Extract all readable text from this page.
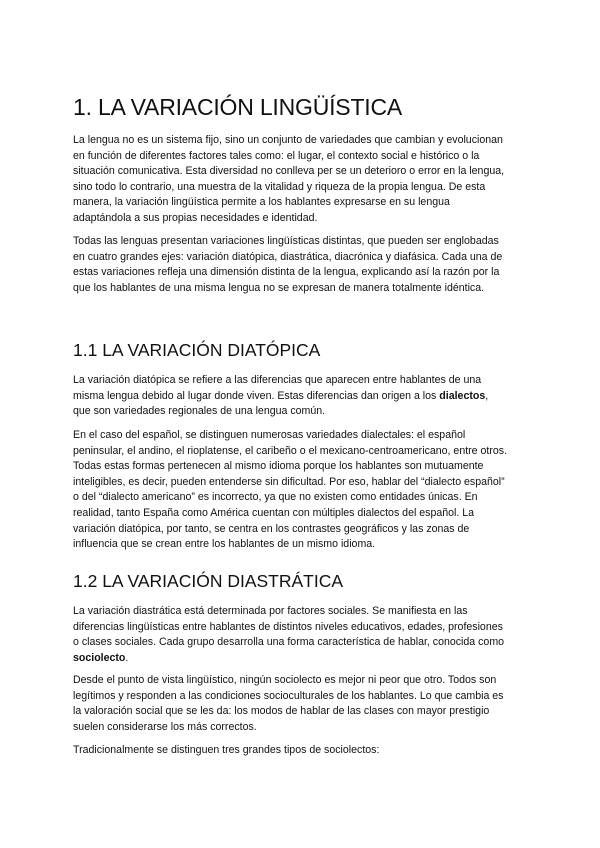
1. LA VARIACIÓN LINGÜÍSTICA

La lengua no es un sistema fijo, sino un conjunto de variedades que cambian y evolucionan
en función de diferentes factores tales como: el lugar, el contexto social e histórico o la
situación comunicativa. Esta diversidad no conlleva per se un deterioro o error en la lengua,
sino todo lo contrario, una muestra de la vitalidad y riqueza de la propia lengua. De esta
manera, la variación lingüística permite a los hablantes expresarse en su lengua
adaptándola a sus propias necesidades e identidad.

Todas las lenguas presentan variaciones lingüísticas distintas, que pueden ser englobadas
en cuatro grandes ejes: variación diatópica, diastrática, diacrónica y diafásica. Cada una de
estas variaciones refleja una dimensión distinta de la lengua, explicando así la razón por la
que los hablantes de una misma lengua no se expresan de manera totalmente idéntica.

1.1 LA VARIACIÓN DIATÓPICA

La variación diatópica se refiere a las diferencias que aparecen entre hablantes de una
misma lengua debido al lugar donde viven. Estas diferencias dan origen a los dialectos,
que son variedades regionales de una lengua común.

En el caso del español, se distinguen numerosas variedades dialectales: el español
peninsular, el andino, el rioplatense, el caribeño o el mexicano-centroamericano, entre otros.
Todas estas formas pertenecen al mismo idioma porque los hablantes son mutuamente
inteligibles, es decir, pueden entenderse sin dificultad. Por eso, hablar del “dialecto español”
o del “dialecto americano” es incorrecto, ya que no existen como entidades únicas. En
realidad, tanto España como América cuentan con múltiples dialectos del español. La
variación diatópica, por tanto, se centra en los contrastes geográficos y las zonas de
influencia que se crean entre los hablantes de un mismo idioma.

1.2 LA VARIACIÓN DIASTRÁTICA

La variación diastrática está determinada por factores sociales. Se manifiesta en las
diferencias lingüísticas entre hablantes de distintos niveles educativos, edades, profesiones
o clases sociales. Cada grupo desarrolla una forma característica de hablar, conocida como
sociolecto.

Desde el punto de vista lingüístico, ningún sociolecto es mejor ni peor que otro. Todos son
legítimos y responden a las condiciones socioculturales de los hablantes. Lo que cambia es
la valoración social que se les da: los modos de hablar de las clases con mayor prestigio
suelen considerarse los más correctos.

Tradicionalmente se distinguen tres grandes tipos de sociolectos:
